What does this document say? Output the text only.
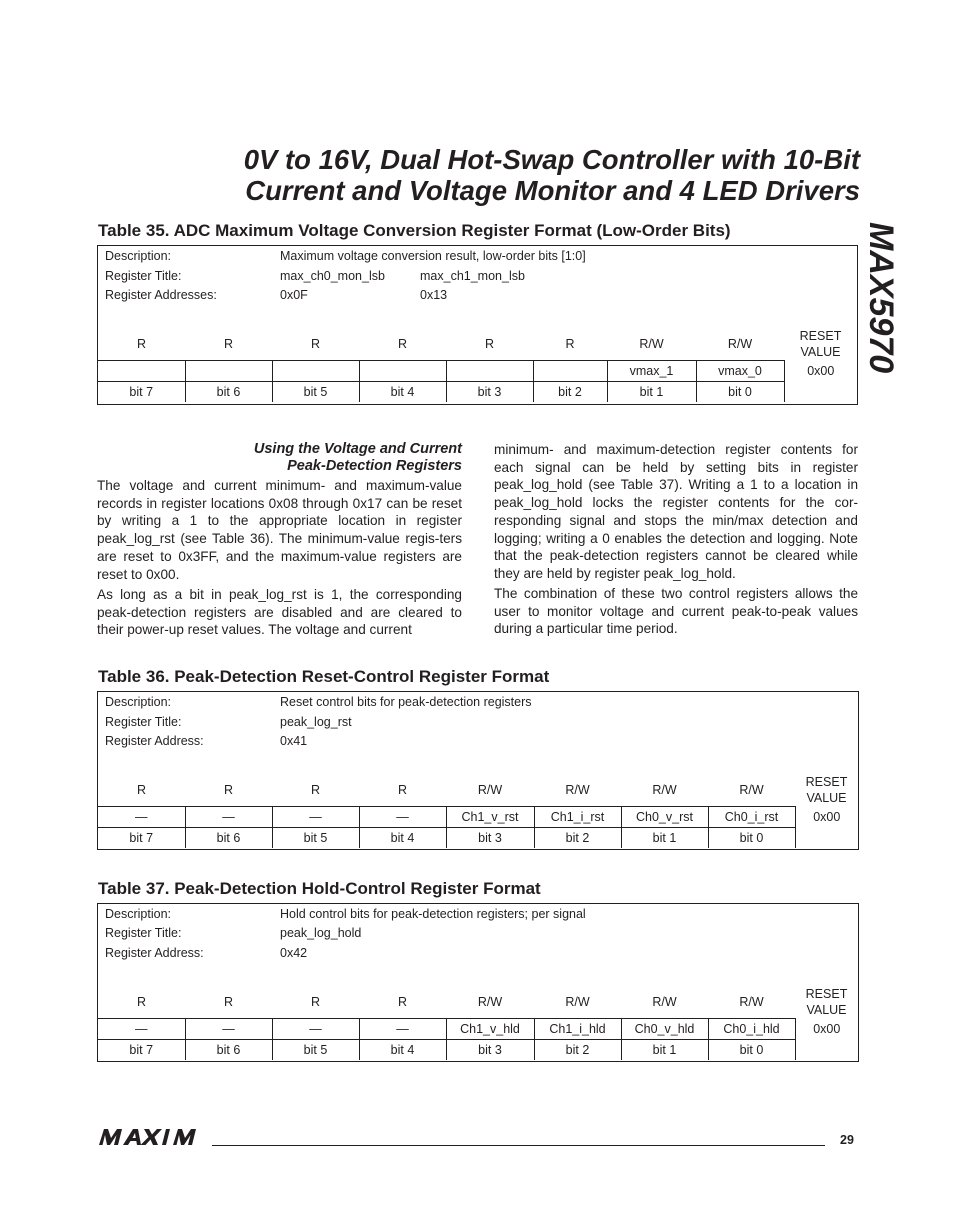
0V to 16V, Dual Hot-Swap Controller with 10-Bit
Current and Voltage Monitor and 4 LED Drivers
MAX5970
Table 35. ADC Maximum Voltage Conversion Register Format (Low-Order Bits)
Description:	Maximum voltage conversion result, low-order bits [1:0]
Register Title:	max_ch0_mon_lsb	max_ch1_mon_lsb
Register Addresses:	0x0F	0x13
R	R	R	R	R	R	R/W	R/W	RESET
VALUE
						vmax_1	vmax_0	0x00
bit 7	bit 6	bit 5	bit 4	bit 3	bit 2	bit 1	bit 0	
Using the Voltage and Current
Peak-Detection Registers

The voltage and current minimum- and maximum-value records in register locations 0x08 through 0x17 can be reset by writing a 1 to the appropriate location in register peak_log_rst (see Table 36). The minimum-value regis-ters are reset to 0x3FF, and the maximum-value registers are reset to 0x00.

As long as a bit in peak_log_rst is 1, the corresponding peak-detection registers are disabled and are cleared to their power-up reset values. The voltage and current

minimum- and maximum-detection register contents for each signal can be held by setting bits in register peak_log_hold (see Table 37). Writing a 1 to a location in peak_log_hold locks the register contents for the cor-responding signal and stops the min/max detection and logging; writing a 0 enables the detection and logging. Note that the peak-detection registers cannot be cleared while they are held by register peak_log_hold.

The combination of these two control registers allows the user to monitor voltage and current peak-to-peak values during a particular time period.

Table 36. Peak-Detection Reset-Control Register Format
Description:	Reset control bits for peak-detection registers
Register Title:	peak_log_rst
Register Address:	0x41
R	R	R	R	R/W	R/W	R/W	R/W	RESET
VALUE
—	—	—	—	Ch1_v_rst	Ch1_i_rst	Ch0_v_rst	Ch0_i_rst	0x00
bit 7	bit 6	bit 5	bit 4	bit 3	bit 2	bit 1	bit 0	
Table 37. Peak-Detection Hold-Control Register Format
Description:	Hold control bits for peak-detection registers; per signal
Register Title:	peak_log_hold
Register Address:	0x42
R	R	R	R	R/W	R/W	R/W	R/W	RESET
VALUE
—	—	—	—	Ch1_v_hld	Ch1_i_hld	Ch0_v_hld	Ch0_i_hld	0x00
bit 7	bit 6	bit 5	bit 4	bit 3	bit 2	bit 1	bit 0	
29
